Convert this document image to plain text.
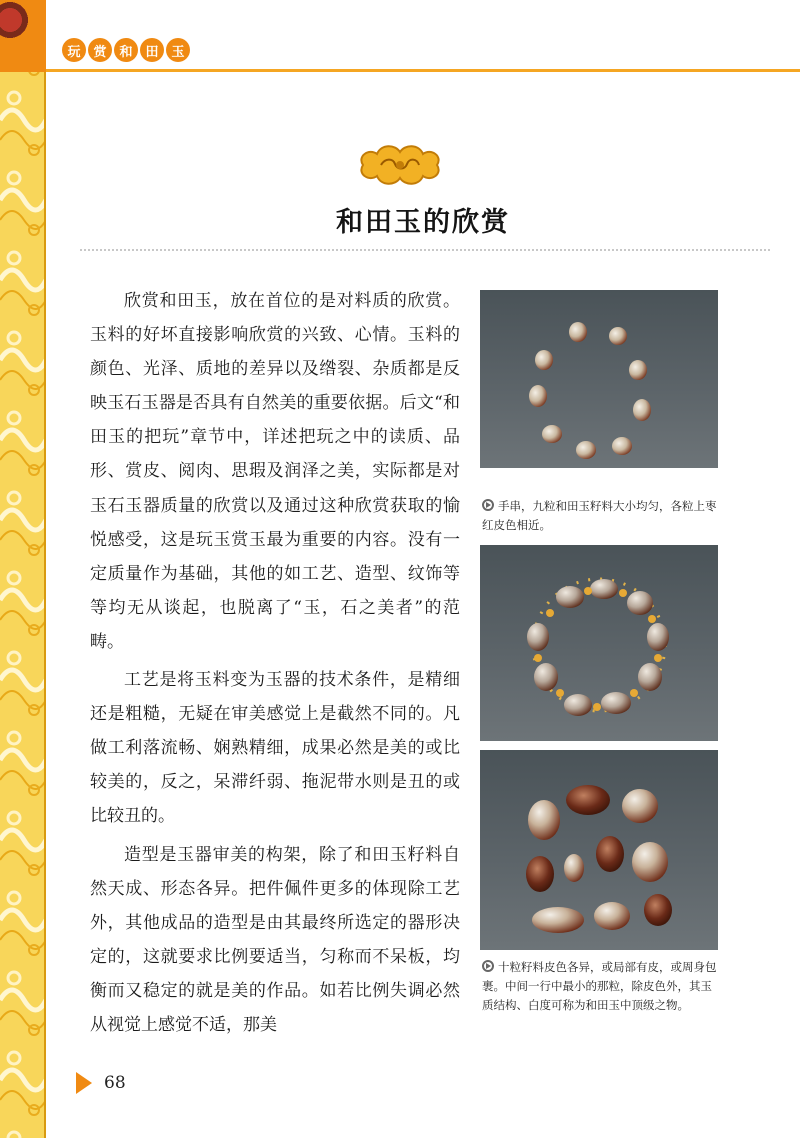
玩 赏 和 田 玉
和田玉的欣赏

欣赏和田玉，放在首位的是对料质的欣赏。玉料的好坏直接影响欣赏的兴致、心情。玉料的颜色、光泽、质地的差异以及绺裂、杂质都是反映玉石玉器是否具有自然美的重要依据。后文“和田玉的把玩”章节中，详述把玩之中的读质、品形、赏皮、阅肉、思瑕及润泽之美，实际都是对玉石玉器质量的欣赏以及通过这种欣赏获取的愉悦感受，这是玩玉赏玉最为重要的内容。没有一定质量作为基础，其他的如工艺、造型、纹饰等等均无从谈起，也脱离了“玉，石之美者”的范畴。

工艺是将玉料变为玉器的技术条件，是精细还是粗糙，无疑在审美感觉上是截然不同的。凡做工利落流畅、娴熟精细，成果必然是美的或比较美的，反之，呆滞纤弱、拖泥带水则是丑的或比较丑的。

造型是玉器审美的构架，除了和田玉籽料自然天成、形态各异。把件佩件更多的体现除工艺外，其他成品的造型是由其最终所选定的器形决定的，这就要求比例要适当，匀称而不呆板，均衡而又稳定的就是美的作品。如若比例失调必然从视觉上感觉不适，那美

手串，九粒和田玉籽料大小均匀，各粒上枣红皮色相近。
十粒籽料皮色各异，或局部有皮，或周身包裹。中间一行中最小的那粒，除皮色外，其玉质结构、白度可称为和田玉中顶级之物。
68
